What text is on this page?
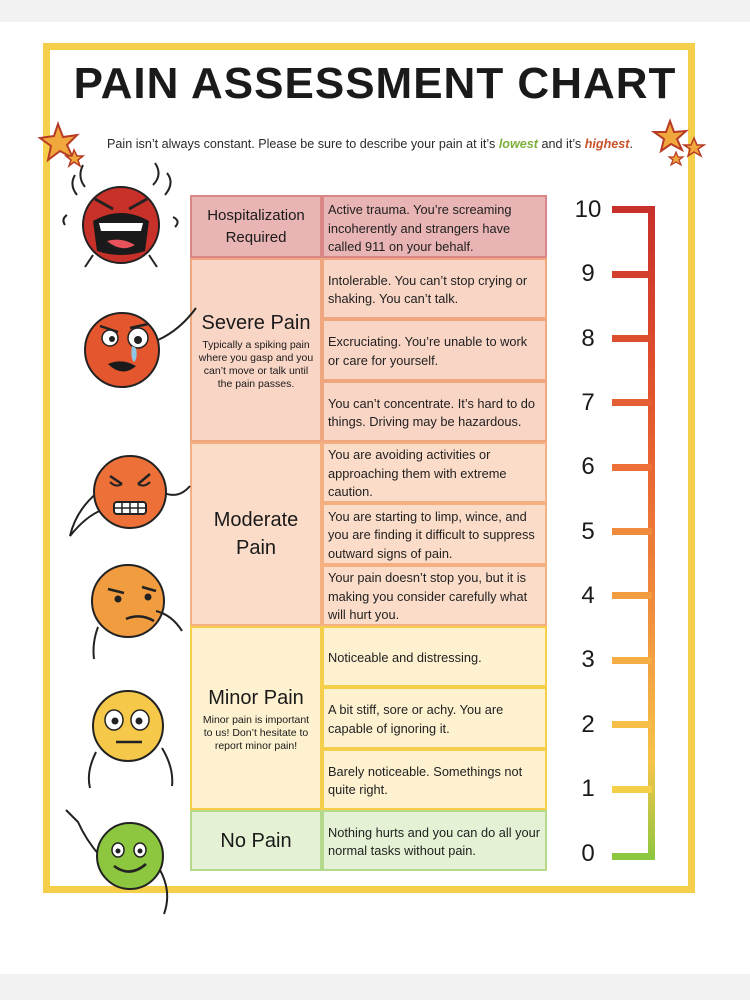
PAIN ASSESSMENT CHART
Pain isn’t always constant. Please be sure to describe your pain at it’s lowest and it’s highest.
Hospitalization Required
Severe Pain
Typically a spiking pain where you gasp and you can’t move or talk until the pain passes.
Moderate Pain
Minor Pain
Minor pain is important to us! Don’t hesitate to report minor pain!
No Pain
Active trauma. You’re screaming incoherently and strangers have called 911 on your behalf.
Intolerable. You can’t stop crying or shaking. You can’t talk.
Excruciating. You’re unable to work or care for yourself.
You can’t concentrate. It’s hard to do things. Driving may be hazardous.
You are avoiding activities or approaching them with extreme caution.
You are starting to limp, wince, and you are finding it difficult to suppress outward signs of pain.
Your pain doesn’t stop you, but it is making you consider carefully what will hurt you.
Noticeable and distressing.
A bit stiff, sore or achy. You are capable of ignoring it.
Barely noticeable. Somethings not quite right.
Nothing hurts and you can do all your normal tasks without pain.
10
9
8
7
6
5
4
3
2
1
0
